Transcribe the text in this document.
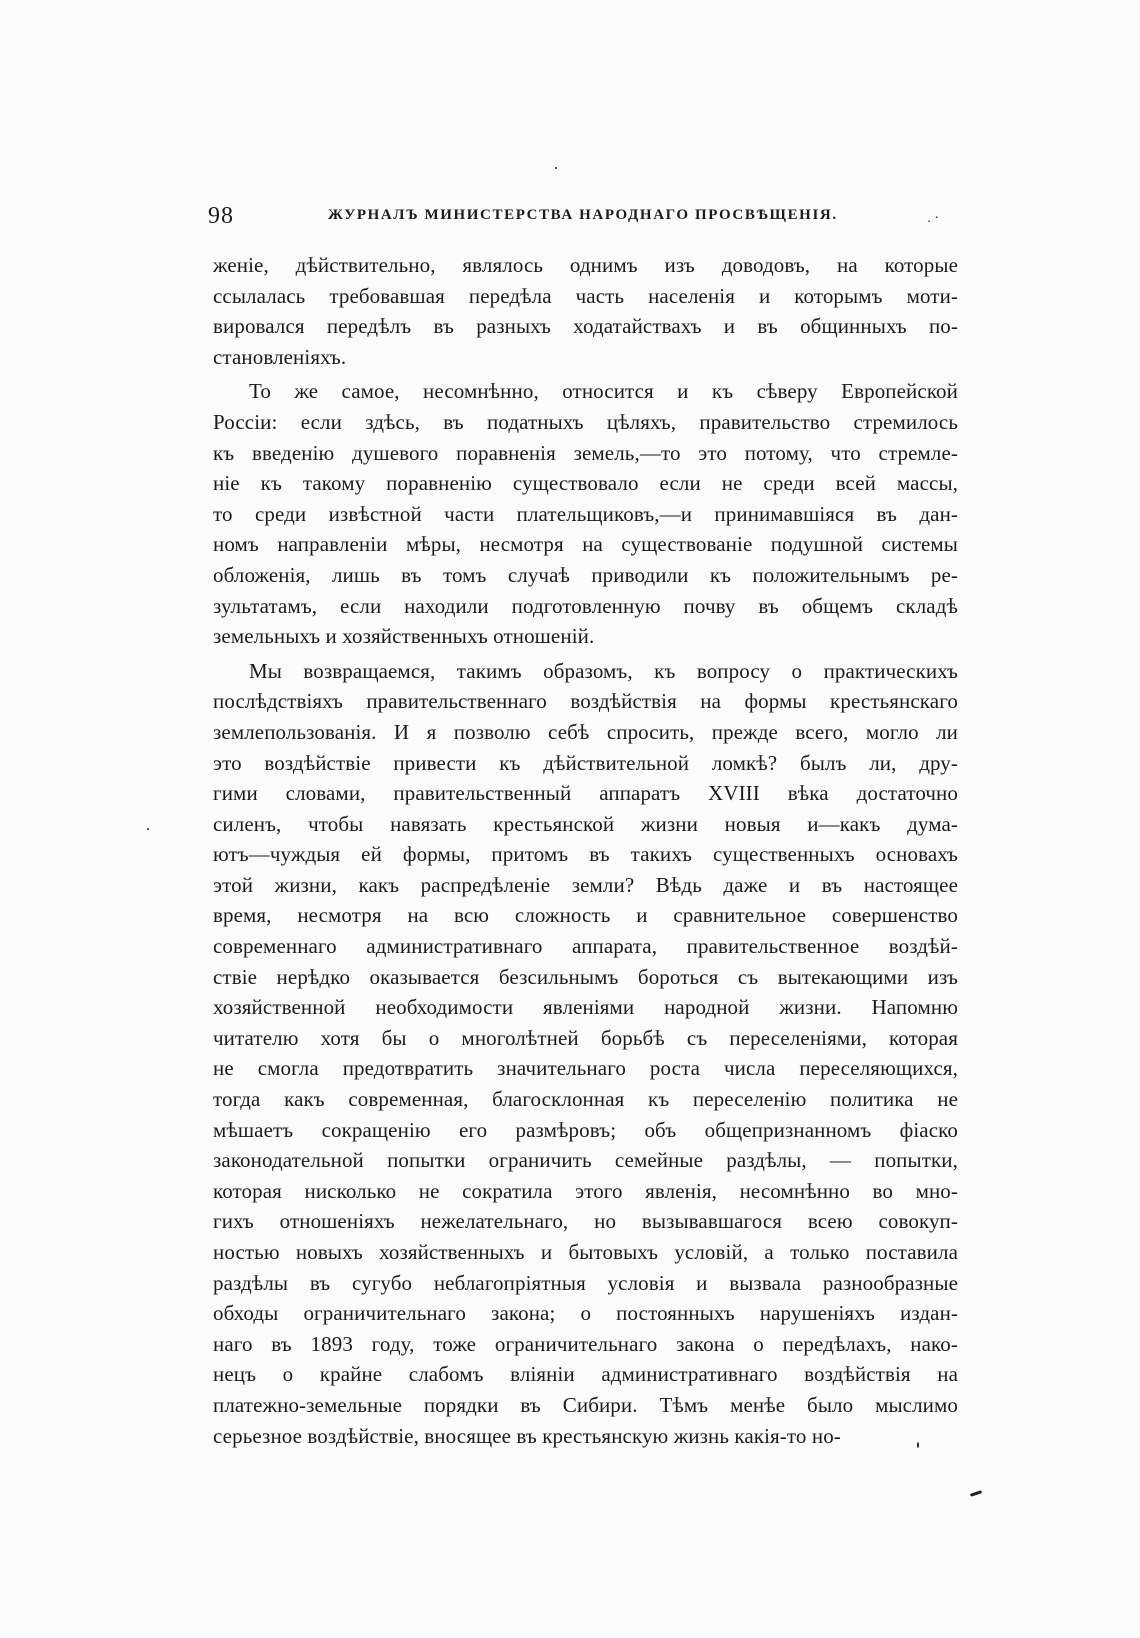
98	ЖУРНАЛЪ МИНИСТЕРСТВА НАРОДНАГО ПРОСВѢЩЕНІЯ.	. ·
женіе, дѣйствительно, являлось однимъ изъ доводовъ, на которые
ссылалась требовавшая передѣла часть населенія и которымъ моти-
вировался передѣлъ въ разныхъ ходатайствахъ и въ общинныхъ по-
становленіяхъ.
То же самое, несомнѣнно, относится и къ сѣверу Европейской
Россіи: если здѣсь, въ податныхъ цѣляхъ, правительство стремилось
къ введенію душевого поравненія земель,—то это потому, что стремле-
ніе къ такому поравненію существовало если не среди всей массы,
то среди извѣстной части плательщиковъ,—и принимавшіяся въ дан-
номъ направленіи мѣры, несмотря на существованіе подушной системы
обложенія, лишь въ томъ случаѣ приводили къ положительнымъ ре-
зультатамъ, если находили подготовленную почву въ общемъ складѣ
земельныхъ и хозяйственныхъ отношеній.
Мы возвращаемся, такимъ образомъ, къ вопросу о практическихъ
послѣдствіяхъ правительственнаго воздѣйствія на формы крестьянскаго
землепользованія. И я позволю себѣ спросить, прежде всего, могло ли
это воздѣйствіе привести къ дѣйствительной ломкѣ? былъ ли, дру-
гими словами, правительственный аппаратъ XVIII вѣка достаточно
силенъ, чтобы навязать крестьянской жизни новыя и—какъ дума-
ютъ—чуждыя ей формы, притомъ въ такихъ существенныхъ основахъ
этой жизни, какъ распредѣленіе земли? Вѣдь даже и въ настоящее
время, несмотря на всю сложность и сравнительное совершенство
современнаго административнаго аппарата, правительственное воздѣй-
ствіе нерѣдко оказывается безсильнымъ бороться съ вытекающими изъ
хозяйственной необходимости явленіями народной жизни. Напомню
читателю хотя бы о многолѣтней борьбѣ съ переселеніями, которая
не смогла предотвратить значительнаго роста числа переселяющихся,
тогда какъ современная, благосклонная къ переселенію политика не
мѣшаетъ сокращенію его размѣровъ; объ общепризнанномъ фіаско
законодательной попытки ограничить семейные раздѣлы, — попытки,
которая нисколько не сократила этого явленія, несомнѣнно во мно-
гихъ отношеніяхъ нежелательнаго, но вызывавшагося всею совокуп-
ностью новыхъ хозяйственныхъ и бытовыхъ условій, а только поставила
раздѣлы въ сугубо неблагопріятныя условія и вызвала разнообразные
обходы ограничительнаго закона; о постоянныхъ нарушеніяхъ издан-
наго въ 1893 году, тоже ограничительнаго закона о передѣлахъ, нако-
нецъ о крайне слабомъ вліяніи административнаго воздѣйствія на
платежно-земельные порядки въ Сибири. Тѣмъ менѣе было мыслимо
серьезное воздѣйствіе, вносящее въ крестьянскую жизнь какія-то но-
